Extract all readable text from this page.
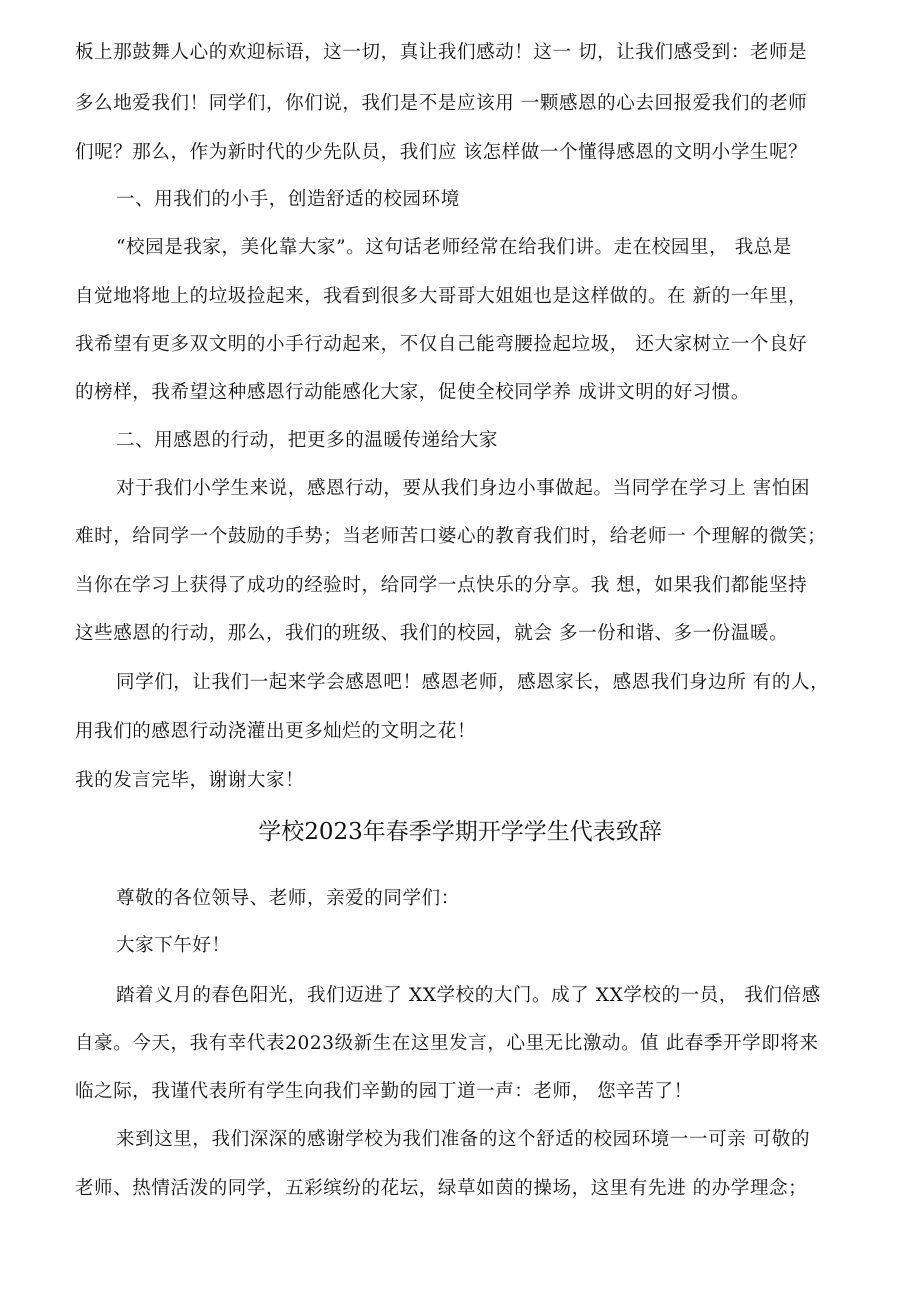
板上那鼓舞人心的欢迎标语，这一切，真让我们感动！这一 切，让我们感受到：老师是
多么地爱我们！同学们，你们说，我们是不是应该用 一颗感恩的心去回报爱我们的老师
们呢？那么，作为新时代的少先队员，我们应 该怎样做一个懂得感恩的文明小学生呢？
一、用我们的小手，创造舒适的校园环境
“校园是我家，美化靠大家”。这句话老师经常在给我们讲。走在校园里， 我总是
自觉地将地上的垃圾捡起来，我看到很多大哥哥大姐姐也是这样做的。在 新的一年里，
我希望有更多双文明的小手行动起来，不仅自己能弯腰捡起垃圾， 还大家树立一个良好
的榜样，我希望这种感恩行动能感化大家，促使全校同学养 成讲文明的好习惯。
二、用感恩的行动，把更多的温暖传递给大家
对于我们小学生来说，感恩行动，要从我们身边小事做起。当同学在学习上 害怕困
难时，给同学一个鼓励的手势；当老师苦口婆心的教育我们时，给老师一 个理解的微笑；
当你在学习上获得了成功的经验时，给同学一点快乐的分享。我 想，如果我们都能坚持
这些感恩的行动，那么，我们的班级、我们的校园，就会 多一份和谐、多一份温暖。
同学们，让我们一起来学会感恩吧！感恩老师，感恩家长，感恩我们身边所 有的人，
用我们的感恩行动浇灌出更多灿烂的文明之花！
我的发言完毕，谢谢大家！
学校2023年春季学期开学学生代表致辞
尊敬的各位领导、老师，亲爱的同学们：
大家下午好！
踏着义月的春色阳光，我们迈进了 XX学校的大门。成了 XX学校的一员， 我们倍感
自豪。今天，我有幸代表2023级新生在这里发言，心里无比激动。值 此春季开学即将来
临之际，我谨代表所有学生向我们辛勤的园丁道一声：老师， 您辛苦了！
来到这里，我们深深的感谢学校为我们准备的这个舒适的校园环境一一可亲 可敬的
老师、热情活泼的同学，五彩缤纷的花坛，绿草如茵的操场，这里有先进 的办学理念；
